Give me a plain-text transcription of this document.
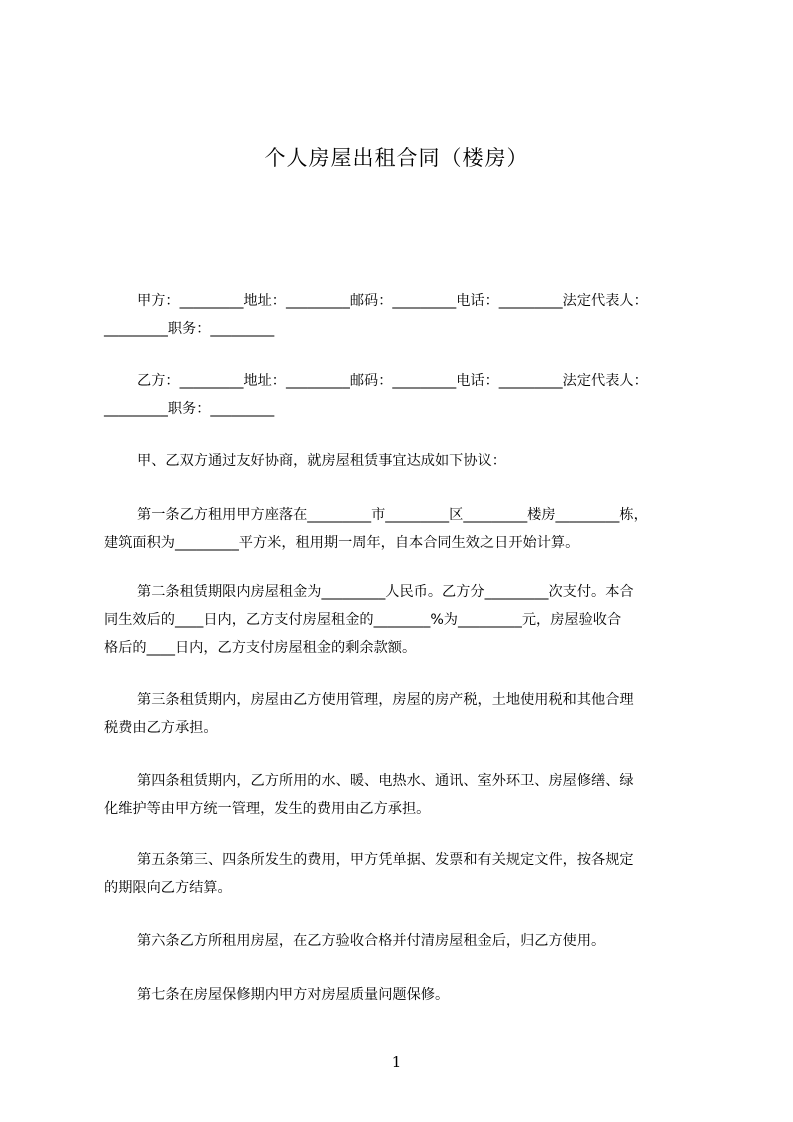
个人房屋出租合同（楼房）
甲方：_________地址：_________邮码：_________电话：_________法定代表人：
_________职务：_________
乙方：_________地址：_________邮码：_________电话：_________法定代表人：
_________职务：_________
甲、乙双方通过友好协商，就房屋租赁事宜达成如下协议：
第一条乙方租用甲方座落在_________市_________区_________楼房_________栋，
建筑面积为_________平方米，租用期一周年，自本合同生效之日开始计算。
第二条租赁期限内房屋租金为_________人民币。乙方分_________次支付。本合
同生效后的____日内，乙方支付房屋租金的________%为_________元，房屋验收合
格后的____日内，乙方支付房屋租金的剩余款额。
第三条租赁期内，房屋由乙方使用管理，房屋的房产税，土地使用税和其他合理
税费由乙方承担。
第四条租赁期内，乙方所用的水、暖、电热水、通讯、室外环卫、房屋修缮、绿
化维护等由甲方统一管理，发生的费用由乙方承担。
第五条第三、四条所发生的费用，甲方凭单据、发票和有关规定文件，按各规定
的期限向乙方结算。
第六条乙方所租用房屋，在乙方验收合格并付清房屋租金后，归乙方使用。
第七条在房屋保修期内甲方对房屋质量问题保修。

1
